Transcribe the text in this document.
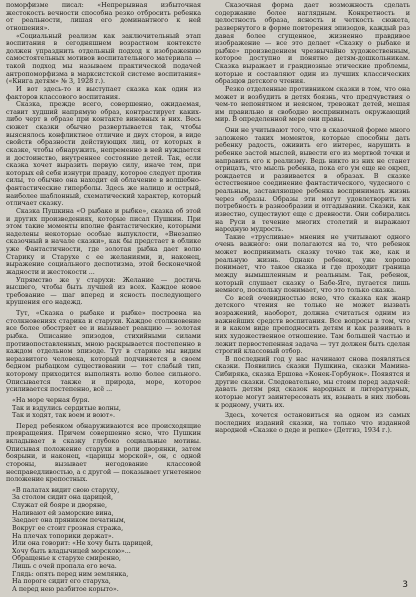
поморфизме писал: «Непрерывная избыточная жестокость вечности способна резко отбросить ребенка от реальности, лишая его доминантного к ней отношения».

«Социальный реализм как заключительный этап воспитания в сегодняшнем возрастном контексте должен упразднить отдельный подход к изображению самостоятельных мотивов воспитательного материала — такой подход мы называем практической подачей антропоморфизма в марксистской системе воспитания» («Книга детям» № 3, 1928 г.).

И вот здесь-то и выступает сказка как один из факторов классового воспитания.

Сказка, прежде всего, совершенно, ожидаемая, ставит худший напрямую образ, контрастирует каких-либо черт в образе при контакте виновных в них. Весь сюжет сказки обычно развертывается так, чтобы выяснялось конфликтное отличие и двух сторон, в виде свойств образности действующих лиц, от которых в сказке, чтобы обнаружить, непременно в ней нуждается и достоинство, внутреннее состояние детей. Так, если сказка хочет выразить первую силу, иначе тем, при которых ей себя изнутри правду, которое следует против силы, то обычно она находит ей облачение в волшебно-фантастические гиперболы. Здесь же налицо и острый, наиболее шаблонный, схематический характер, который отличает сказку.

Сказка Пушкина «О рыбаке и рыбке», сказка об этой и других произведениях, которые писал Пушкин. При этом такие моменты вполне фантастические, которыми наделены некоторые особые выпуклости, «Внезапно сказочный в начале сказки», как бы предстает в облике уже Фантастичности, где золотая рыбка дает волю Старику и Старухе с ее желаниями, и, наконец, выражение социального деспотизма, этой бесконечной жадности и жестокости ...

Упрямство же у старухи: Желание — достичь высшего, чтобы быть лучшей из всех. Каждое новое требование — шаг вперед и ясность последующего крушения его надежд.

Тут, «Сказка о рыбаке и рыбке» построена на столкновениях старика и старухи. Каждое столкновение все более обостряет ее и вызывает реакцию — золотая рыбка. Описание эпизодов, стихийными силами противопоставленных, мною раскрывается постепенно в каждом отдельном эпизоде. Тут в старике мы видим неразвитого человека, который подчиняется в своем бедном рыбацком существовании — тот слабый тип, которому приходится выполнять волю более сильного. Описывается также и природа, море, которое усиливается постепенно, всё ...

«На море черная буря.
Так и вздулись сердитые волны,
Так и ходят, так воем и воют».

Перед ребенком обнаруживаются все происходящие превращения. Причем совершенно ясно, что Пушкин вкладывает в сказку глубоко социальные мотивы. Описывая положение старухи в роли дворянки, затем боярыни, и наконец, «царицы морской», он, с одной стороны, вызывает негодование классовой несправедливостью, а с другой — показывает угнетенное положение крепостных.

«В палатах видит свою старуху,
За столом сидит она царицей,
Служат ей бояре и дворяне,
Наливают ей заморские вина,
Заедает она пряником печатным,
Вокруг ее стоит грозная стража,
На плечах топорики держат».
Или она говорит: «Не хочу быть царицей,
Хочу быть владычицей морскою»...
Обращенье к старухе смиренно,
Лишь с очей пропала его веча.
Глядь: опять перед ним землянка,
На пороге сидит его старуха,
А перед нею разбитое корыто».

Сказочная форма дает возможность сделать содержание более наглядным. Конкретность и целостность образа, ясность и четкость сюжета, развернутого в форме повторения эпизодов, каждый раз давая более сгущенное, жизненно правдивое изображение — все это делает «Сказку о рыбаке и рыбке» произведением чрезвычайно художественным, которое доступно и понятно детям-дошкольникам. Сказка выражает и грандиозные этические проблемы, которые и составляют один из лучших классических образцов детского чтения.

Резко отделенные противником сказки в том, что она может и возбудить в детях боязнь, что предчувствия о чем-то непонятном и неясном, тревожат детей, мешая им правильно и свободно воспринимать окружающий мир. В определенной мере они правы.

Они не учитывают того, что в сказочной форме много заложено таких моментов, которые способны дать ребенку радость, оживить его интерес, нарушить в ребенке застой мыслей, вывести его из мертвой точки и направить его к реализму. Ведь никто из них не станет отрицать, что мысль ребенка, пока его ум еще не окреп, рождается и развивается в образах. В сказке естественное соединение фантастического, чудесного с реальным, заставляющее ребенка воспринимать жизнь через образы. Образы эти могут удовлетворить их потребность в разнообразии и отгадывании. Сказки, как известно, существуют еще с древности. Они собирались на Руси в течение многих столетий и выражают народную мудрость.

Такие «трусливые» мнения не учитывают одного очень важного: они полагаются на то, что ребенок может воспринимать сказку точно так же, как и реальную жизнь. Однако ребенок, уже хорошо понимает, что такое сказка и где проходит граница между вымышленным и реальным. Так, ребенок, который слушает сказку о Бабе-Яге, пугается лишь немного, поскольку понимает, что это только сказка.

Со всей очевидностью ясно, что сказка как жанр детского чтения не только не может вызвать возражений, наоборот, должна считаться одним из важнейших средств воспитания. Все вопросы в том, что и в каком виде преподносить детям и как развивать в них художественное отношение. Там большей частью и лежит первостепенная задача — тут должен быть сделан строгий классовый отбор.

В последний год у нас начинают снова появляться сказки. Появились сказки Пушкина, сказки Мамина-Сибиряка, сказка Ершова «Конек-Горбунок». Появятся и другие сказки. Следовательно, мы стоим перед задачей: давать детям ряд сказок народных и литературных, которые могут заинтересовать их, взывать в них любовь к родному, учить их.

Здесь, хочется остановиться на одном из самых последних изданий сказки, на только что изданной народной «Сказке о деде и репке» (Детгиз, 1934 г.).

3
